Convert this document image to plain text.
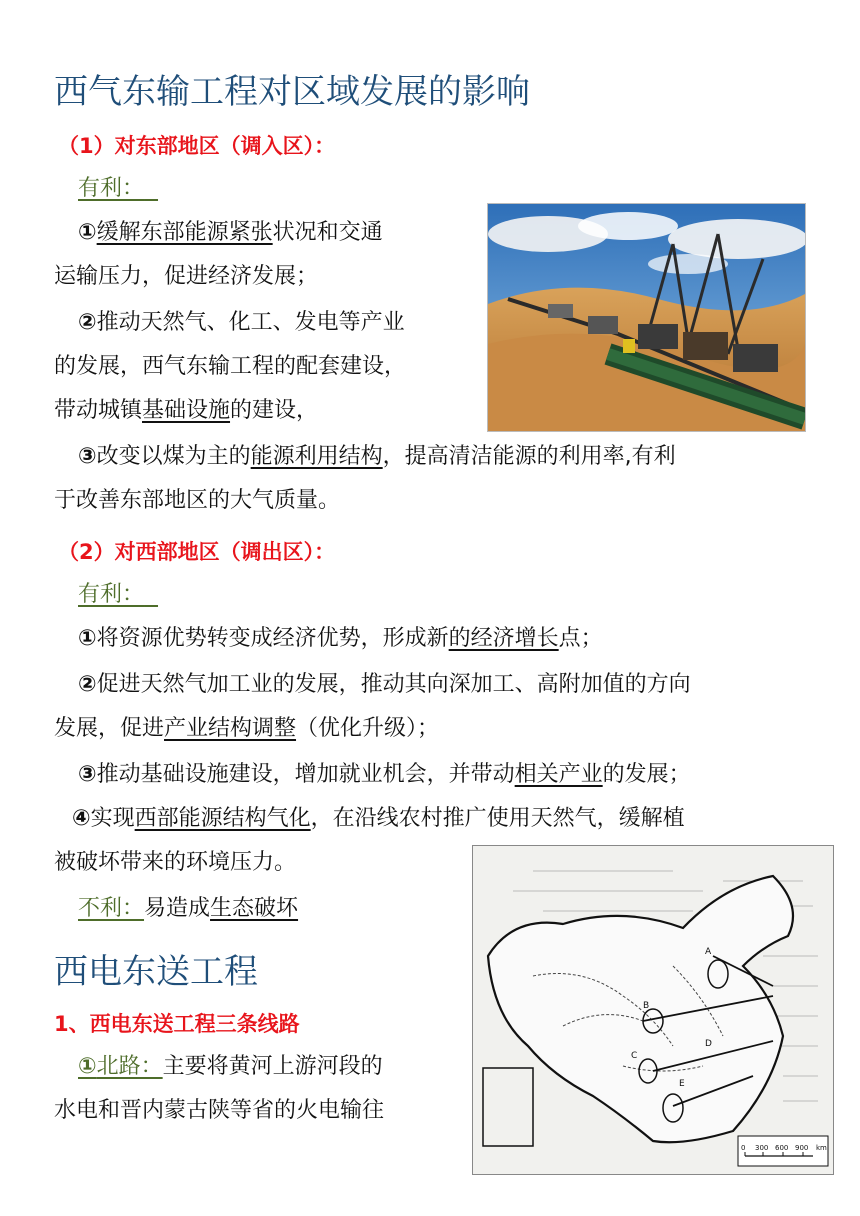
西气东输工程对区域发展的影响
（1）对东部地区（调入区）：
有利：
①缓解东部能源紧张状况和交通
运输压力，促进经济发展；
②推动天然气、化工、发电等产业
的发展，西气东输工程的配套建设，
带动城镇基础设施的建设，
③改变以煤为主的能源利用结构，提高清洁能源的利用率,有利
于改善东部地区的大气质量。
（2）对西部地区（调出区）：
有利：
①将资源优势转变成经济优势，形成新的经济增长点；
②促进天然气加工业的发展，推动其向深加工、高附加值的方向
发展，促进产业结构调整（优化升级）；
③推动基础设施建设，增加就业机会，并带动相关产业的发展；
④实现西部能源结构气化，在沿线农村推广使用天然气，缓解植
被破坏带来的环境压力。
不利：易造成生态破坏
西电东送工程
1、西电东送工程三条线路
①北路：主要将黄河上游河段的
水电和晋内蒙古陕等省的火电输往
A
B
C
D
E
0 300 600 900 km
